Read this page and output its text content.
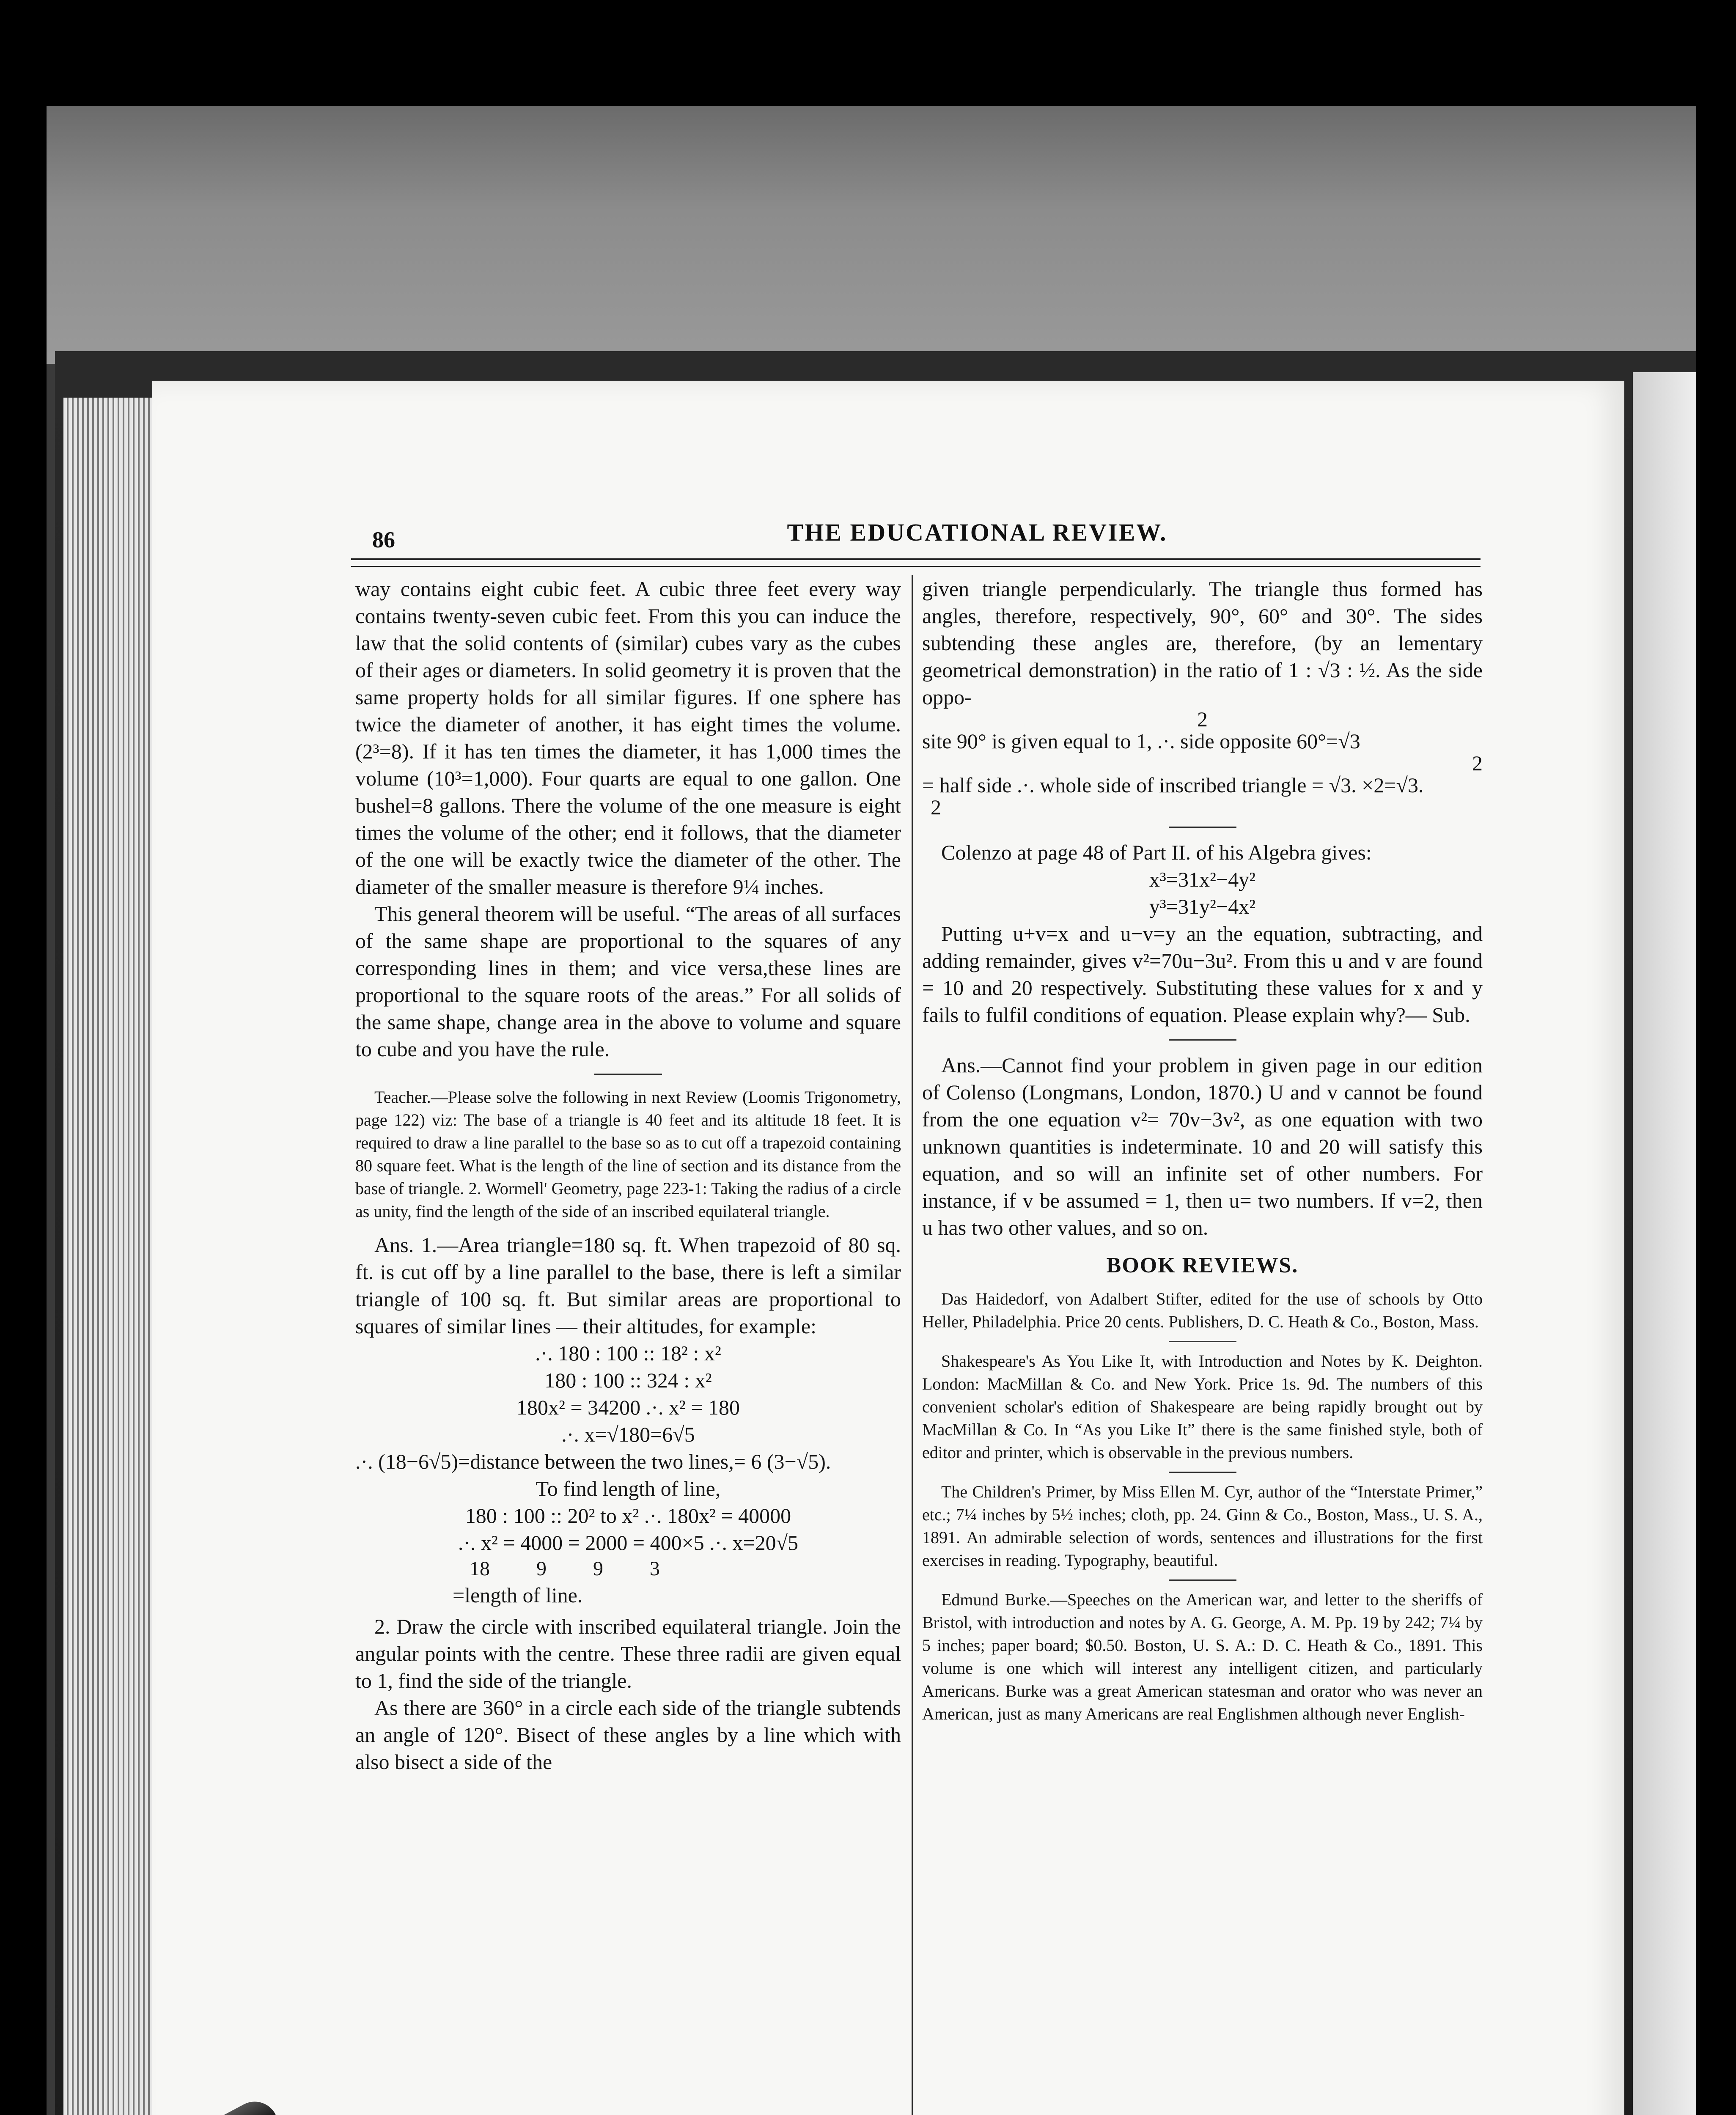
86	THE EDUCATIONAL REVIEW.

way contains eight cubic feet. A cubic three feet every way contains twenty-seven cubic feet. From this you can induce the law that the solid contents of (similar) cubes vary as the cubes of their ages or diameters. In solid geometry it is proven that the same property holds for all similar figures. If one sphere has twice the diameter of another, it has eight times the volume. (2³=8). If it has ten times the diameter, it has 1,000 times the volume (10³=1,000). Four quarts are equal to one gallon. One bushel=8 gallons. There the volume of the one measure is eight times the volume of the other; end it follows, that the diameter of the one will be exactly twice the diameter of the other. The diameter of the smaller measure is therefore 9¼ inches.

This general theorem will be useful. “The areas of all surfaces of the same shape are proportional to the squares of any corresponding lines in them; and vice versa,these lines are proportional to the square roots of the areas.” For all solids of the same shape, change area in the above to volume and square to cube and you have the rule.

Teacher.—Please solve the following in next Review (Loomis Trigonometry, page 122) viz: The base of a triangle is 40 feet and its altitude 18 feet. It is required to draw a line parallel to the base so as to cut off a trapezoid containing 80 square feet. What is the length of the line of section and its distance from the base of triangle. 2. Wormell' Geometry, page 223-1: Taking the radius of a circle as unity, find the length of the side of an inscribed equilateral triangle.

Ans. 1.—Area triangle=180 sq. ft. When trapezoid of 80 sq. ft. is cut off by a line parallel to the base, there is left a similar triangle of 100 sq. ft. But similar areas are proportional to squares of similar lines — their altitudes, for example:

.·. 180 : 100 :: 18² : x²

180 : 100 :: 324 : x²

180x² = 34200 .·. x² = 180

.·. x=√180=6√5

.·. (18−6√5)=distance between the two lines,= 6 (3−√5).

To find length of line,

180 : 100 :: 20² to x² .·. 180x² = 40000

.·. x² = 4000 = 2000 = 400×5 .·. x=20√5

18 9 9 3

=length of line.

2. Draw the circle with inscribed equilateral triangle. Join the angular points with the centre. These three radii are given equal to 1, find the side of the triangle.

As there are 360° in a circle each side of the triangle subtends an angle of 120°. Bisect of these angles by a line which with also bisect a side of the

given triangle perpendicularly. The triangle thus formed has angles, therefore, respectively, 90°, 60° and 30°. The sides subtending these angles are, therefore, (by an lementary geometrical demonstration) in the ratio of 1 : √3 : ½. As the side oppo-

2

site 90° is given equal to 1, .·. side opposite 60°=√3

2

= half side .·. whole side of inscribed triangle = √3. ×2=√3.

2

Colenzo at page 48 of Part II. of his Algebra gives:

x³=31x²−4y²

y³=31y²−4x²

Putting u+v=x and u−v=y an the equation, subtracting, and adding remainder, gives v²=70u−3u². From this u and v are found = 10 and 20 respectively. Substituting these values for x and y fails to fulfil conditions of equation. Please explain why?— Sub.

Ans.—Cannot find your problem in given page in our edition of Colenso (Longmans, London, 1870.) U and v cannot be found from the one equation v²= 70v−3v², as one equation with two unknown quantities is indeterminate. 10 and 20 will satisfy this equation, and so will an infinite set of other numbers. For instance, if v be assumed = 1, then u= two numbers. If v=2, then u has two other values, and so on.

BOOK REVIEWS.

Das Haidedorf, von Adalbert Stifter, edited for the use of schools by Otto Heller, Philadelphia. Price 20 cents. Publishers, D. C. Heath & Co., Boston, Mass.

Shakespeare's As You Like It, with Introduction and Notes by K. Deighton. London: MacMillan & Co. and New York. Price 1s. 9d. The numbers of this convenient scholar's edition of Shakespeare are being rapidly brought out by MacMillan & Co. In “As you Like It” there is the same finished style, both of editor and printer, which is observable in the previous numbers.

The Children's Primer, by Miss Ellen M. Cyr, author of the “Interstate Primer,” etc.; 7¼ inches by 5½ inches; cloth, pp. 24. Ginn & Co., Boston, Mass., U. S. A., 1891. An admirable selection of words, sentences and illustrations for the first exercises in reading. Typography, beautiful.

Edmund Burke.—Speeches on the American war, and letter to the sheriffs of Bristol, with introduction and notes by A. G. George, A. M. Pp. 19 by 242; 7¼ by 5 inches; paper board; $0.50. Boston, U. S. A.: D. C. Heath & Co., 1891. This volume is one which will interest any intelligent citizen, and particularly Americans. Burke was a great American statesman and orator who was never an American, just as many Americans are real Englishmen although never English-
